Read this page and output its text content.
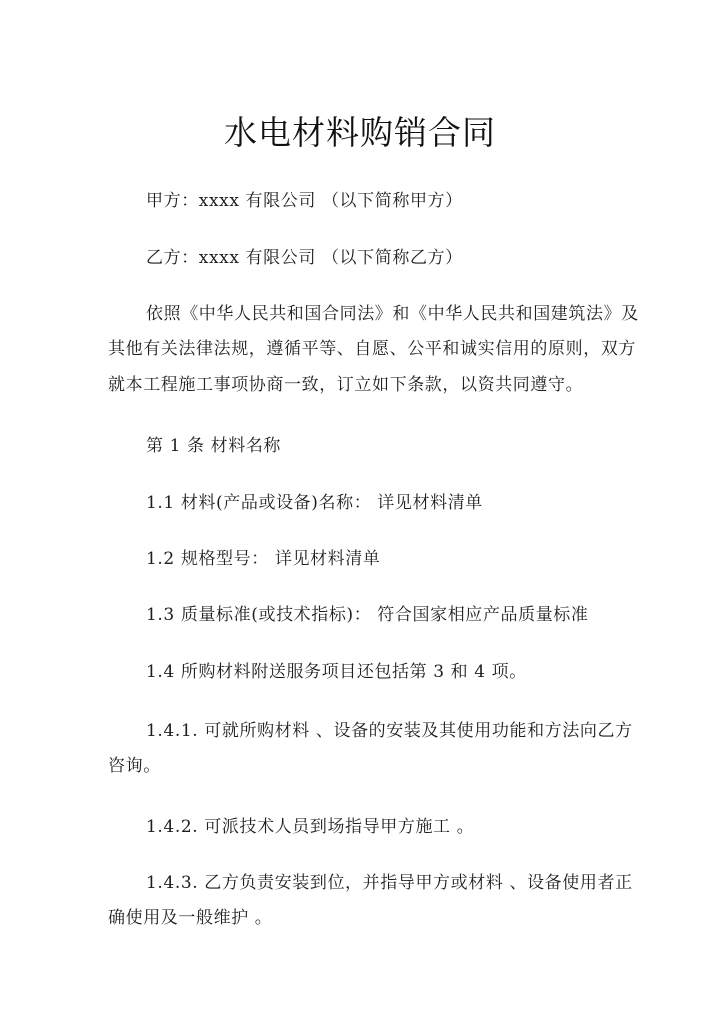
水电材料购销合同
甲方：xxxx 有限公司 （以下简称甲方）
乙方：xxxx 有限公司 （以下简称乙方）
依照《中华人民共和国合同法》和《中华人民共和国建筑法》及
其他有关法律法规，遵循平等、自愿、公平和诚实信用的原则，双方
就本工程施工事项协商一致，订立如下条款，以资共同遵守。
第 1 条 材料名称
1.1 材料(产品或设备)名称： 详见材料清单
1.2 规格型号： 详见材料清单
1.3 质量标准(或技术指标)： 符合国家相应产品质量标准
1.4 所购材料附送服务项目还包括第 3 和 4 项。
1.4.1. 可就所购材料 、设备的安装及其使用功能和方法向乙方
咨询。
1.4.2. 可派技术人员到场指导甲方施工 。
1.4.3. 乙方负责安装到位，并指导甲方或材料 、设备使用者正
确使用及一般维护 。
